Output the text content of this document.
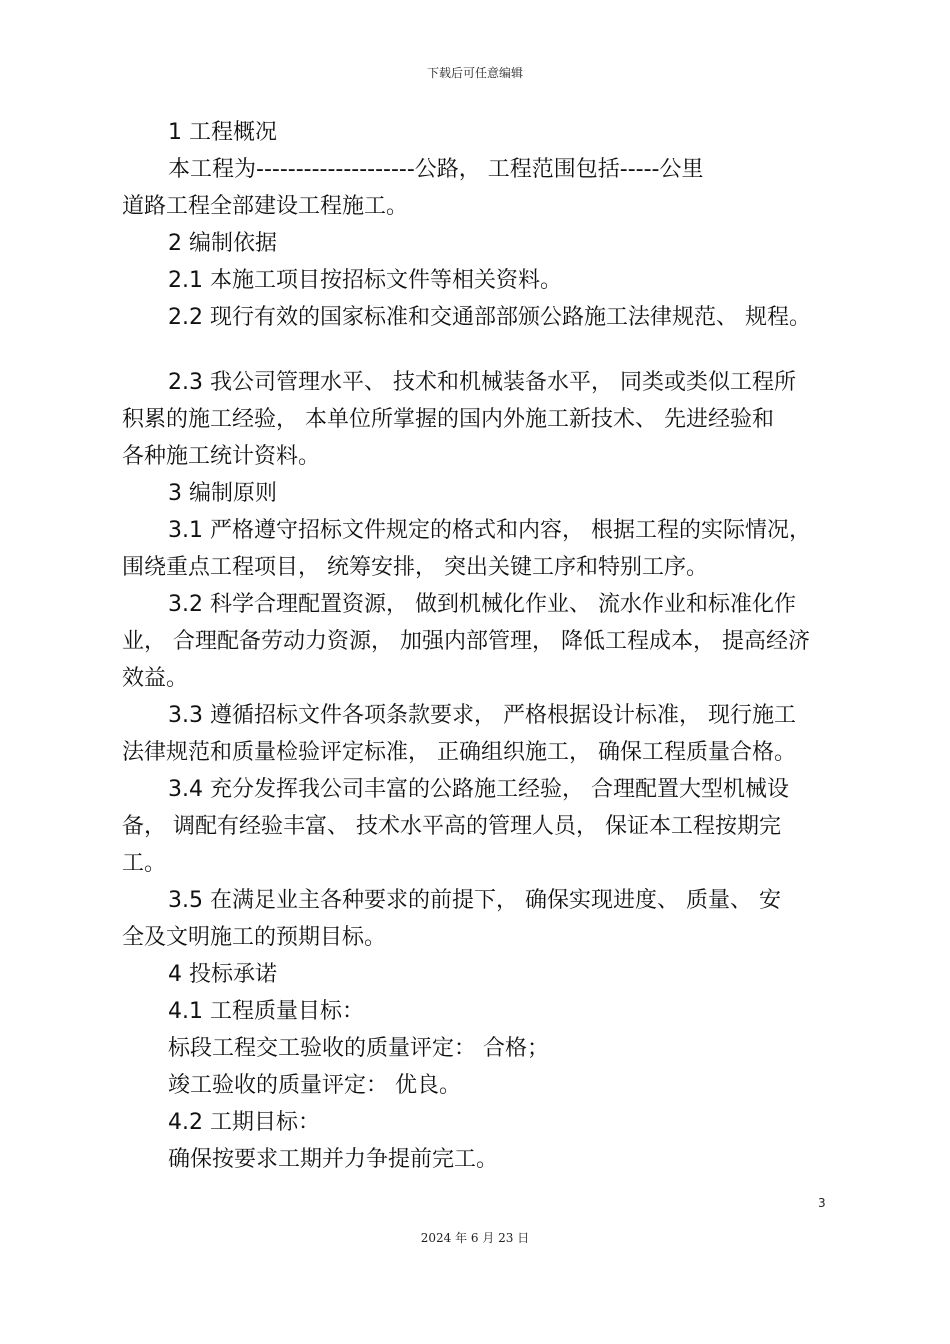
下载后可任意编辑
1 工程概况
本工程为--------------------公路， 工程范围包括-----公里
道路工程全部建设工程施工。
2 编制依据
2.1 本施工项目按招标文件等相关资料。
2.2 现行有效的国家标准和交通部部颁公路施工法律规范、 规程。
2.3 我公司管理水平、 技术和机械装备水平， 同类或类似工程所
积累的施工经验， 本单位所掌握的国内外施工新技术、 先进经验和
各种施工统计资料。
3 编制原则
3.1 严格遵守招标文件规定的格式和内容， 根据工程的实际情况，
围绕重点工程项目， 统筹安排， 突出关键工序和特别工序。
3.2 科学合理配置资源， 做到机械化作业、 流水作业和标准化作
业， 合理配备劳动力资源， 加强内部管理， 降低工程成本， 提高经济
效益。
3.3 遵循招标文件各项条款要求， 严格根据设计标准， 现行施工
法律规范和质量检验评定标准， 正确组织施工， 确保工程质量合格。
3.4 充分发挥我公司丰富的公路施工经验， 合理配置大型机械设
备， 调配有经验丰富、 技术水平高的管理人员， 保证本工程按期完
工。
3.5 在满足业主各种要求的前提下， 确保实现进度、 质量、 安
全及文明施工的预期目标。
4 投标承诺
4.1 工程质量目标：
标段工程交工验收的质量评定： 合格；
竣工验收的质量评定： 优良。
4.2 工期目标：
确保按要求工期并力争提前完工。
3
2024 年 6 月 23 日
